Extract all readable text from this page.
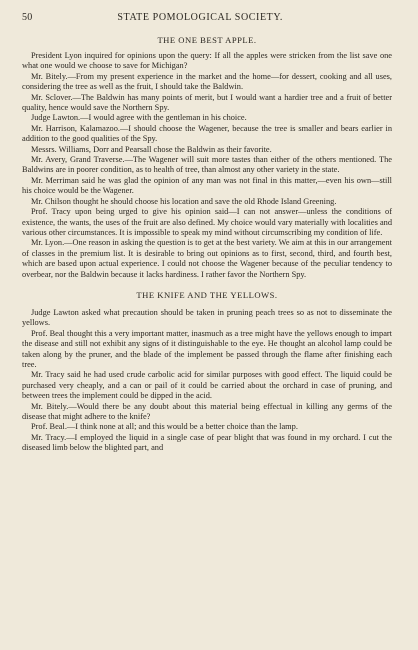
50	STATE POMOLOGICAL SOCIETY.
THE ONE BEST APPLE.

President Lyon inquired for opinions upon the query: If all the apples were stricken from the list save one what one would we choose to save for Michigan?

Mr. Bitely.—From my present experience in the market and the home—for dessert, cooking and all uses, considering the tree as well as the fruit, I should take the Baldwin.

Mr. Sclover.—The Baldwin has many points of merit, but I would want a hardier tree and a fruit of better quality, hence would save the Northern Spy.

Judge Lawton.—I would agree with the gentleman in his choice.

Mr. Harrison, Kalamazoo.—I should choose the Wagener, because the tree is smaller and bears earlier in addition to the good qualities of the Spy.

Messrs. Williams, Dorr and Pearsall chose the Baldwin as their favorite.

Mr. Avery, Grand Traverse.—The Wagener will suit more tastes than either of the others mentioned. The Baldwins are in poorer condition, as to health of tree, than almost any other variety in the state.

Mr. Merriman said he was glad the opinion of any man was not final in this matter,—even his own—still his choice would be the Wagener.

Mr. Chilson thought he should choose his location and save the old Rhode Island Greening.

Prof. Tracy upon being urged to give his opinion said—I can not answer—unless the conditions of existence, the wants, the uses of the fruit are also defined. My choice would vary materially with localities and various other circumstances. It is impossible to speak my mind without circumscribing my condition of life.

Mr. Lyon.—One reason in asking the question is to get at the best variety. We aim at this in our arrangement of classes in the premium list. It is desirable to bring out opinions as to first, second, third, and fourth best, which are based upon actual experience. I could not choose the Wagener because of the peculiar tendency to overbear, nor the Baldwin because it lacks hardiness. I rather favor the Northern Spy.

THE KNIFE AND THE YELLOWS.

Judge Lawton asked what precaution should be taken in pruning peach trees so as not to disseminate the yellows.

Prof. Beal thought this a very important matter, inasmuch as a tree might have the yellows enough to impart the disease and still not exhibit any signs of it distinguishable to the eye. He thought an alcohol lamp could be taken along by the pruner, and the blade of the implement be passed through the flame after finishing each tree.

Mr. Tracy said he had used crude carbolic acid for similar purposes with good effect. The liquid could be purchased very cheaply, and a can or pail of it could be carried about the orchard in case of pruning, and between trees the implement could be dipped in the acid.

Mr. Bitely.—Would there be any doubt about this material being effectual in killing any germs of the disease that might adhere to the knife?

Prof. Beal.—I think none at all; and this would be a better choice than the lamp.

Mr. Tracy.—I employed the liquid in a single case of pear blight that was found in my orchard. I cut the diseased limb below the blighted part, and
